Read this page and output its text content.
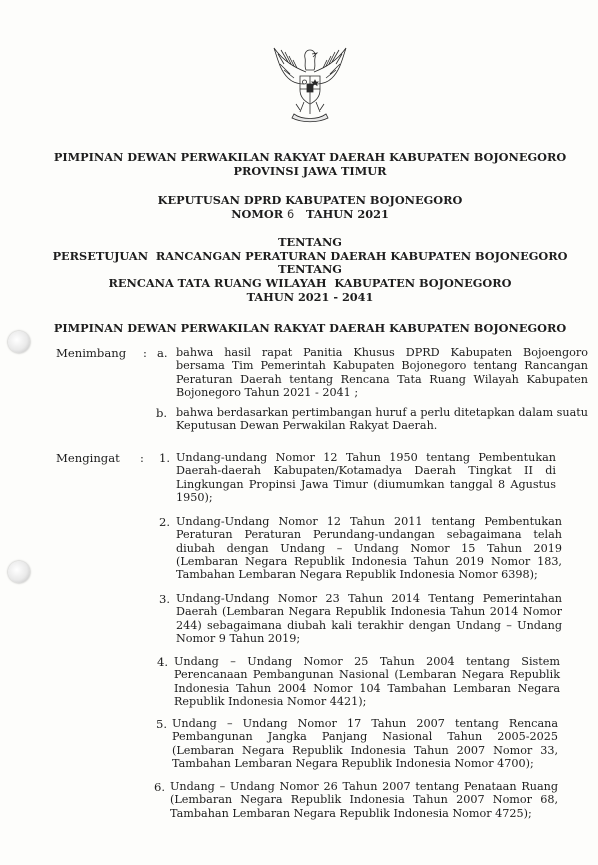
PIMPINAN DEWAN PERWAKILAN RAKYAT DAERAH KABUPATEN BOJONEGORO
PROVINSI JAWA TIMUR
KEPUTUSAN DPRD KABUPATEN BOJONEGORO
NOMOR 6 TAHUN 2021
TENTANG
PERSETUJUAN  RANCANGAN PERATURAN DAERAH KABUPATEN BOJONEGORO
TENTANG
RENCANA TATA RUANG WILAYAH  KABUPATEN BOJONEGORO
TAHUN 2021 - 2041
PIMPINAN DEWAN PERWAKILAN RAKYAT DAERAH KABUPATEN BOJONEGORO
Menimbang : a. bahwa hasil rapat Panitia Khusus DPRD Kabupaten Bojoengoro bersama Tim Pemerintah Kabupaten Bojonegoro tentang Rancangan Peraturan Daerah tentang Rencana Tata Ruang Wilayah Kabupaten Bojonegoro Tahun 2021 - 2041 ;
b. bahwa berdasarkan pertimbangan huruf a perlu ditetapkan dalam suatu Keputusan Dewan Perwakilan Rakyat Daerah.
Mengingat : 1. Undang-undang Nomor 12 Tahun 1950 tentang Pembentukan Daerah-daerah Kabupaten/Kotamadya Daerah Tingkat II di Lingkungan Propinsi Jawa Timur (diumumkan tanggal 8 Agustus 1950);
2. Undang-Undang Nomor 12 Tahun 2011 tentang Pembentukan Peraturan Peraturan Perundang-undangan sebagaimana telah diubah dengan Undang – Undang Nomor 15 Tahun 2019 (Lembaran Negara Republik Indonesia Tahun 2019 Nomor 183, Tambahan Lembaran Negara Republik Indonesia Nomor 6398);
3. Undang-Undang Nomor 23 Tahun 2014 Tentang Pemerintahan Daerah (Lembaran Negara Republik Indonesia Tahun 2014 Nomor 244) sebagaimana diubah kali terakhir dengan Undang – Undang Nomor 9 Tahun 2019;
4. Undang – Undang Nomor 25 Tahun 2004 tentang Sistem Perencanaan Pembangunan Nasional (Lembaran Negara Republik Indonesia Tahun 2004 Nomor 104 Tambahan Lembaran Negara Republik Indonesia Nomor 4421);
5. Undang – Undang Nomor 17 Tahun 2007 tentang Rencana Pembangunan Jangka Panjang Nasional Tahun 2005-2025 (Lembaran Negara Republik Indonesia Tahun 2007 Nomor 33, Tambahan Lembaran Negara Republik Indonesia Nomor 4700);
6. Undang – Undang Nomor 26 Tahun 2007 tentang Penataan Ruang (Lembaran Negara Republik Indonesia Tahun 2007 Nomor 68, Tambahan Lembaran Negara Republik Indonesia Nomor 4725);
